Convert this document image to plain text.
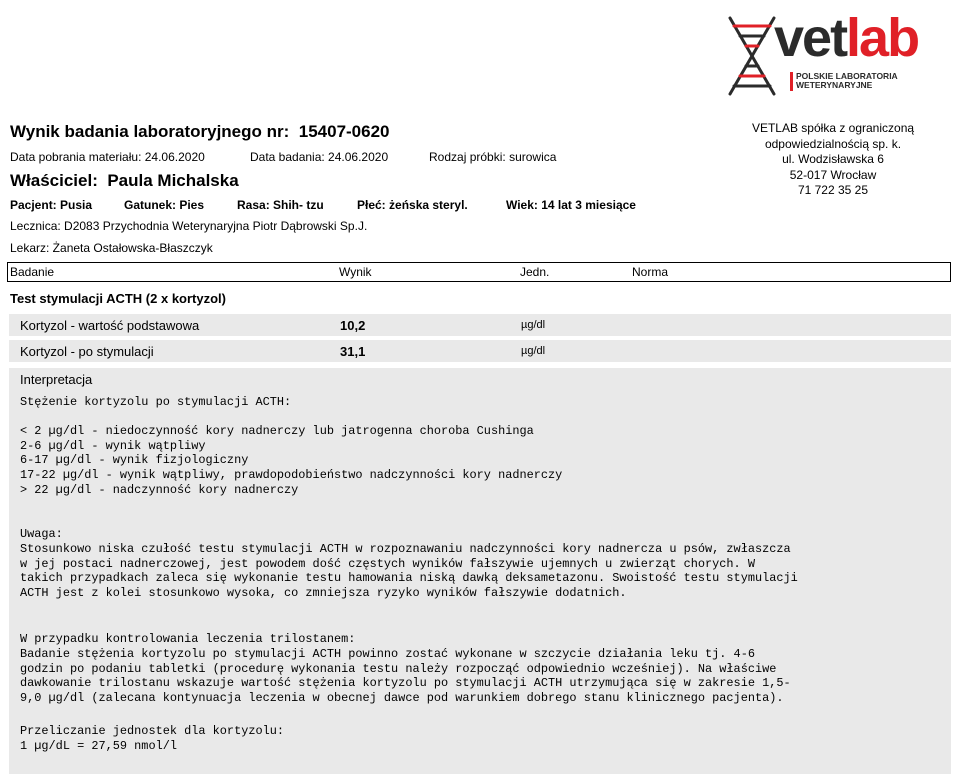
vetlab
POLSKIE LABORATORIA
WETERYNARYJNE
Wynik badania laboratoryjnego nr: 15407-0620
Data pobrania materiału: 24.06.2020	Data badania: 24.06.2020	Rodzaj próbki: surowica
Właściciel: Paula Michalska
Pacjent: Pusia	Gatunek: Pies	Rasa: Shih- tzu	Płeć: żeńska steryl.	Wiek: 14 lat 3 miesiące
Lecznica: D2083 Przychodnia Weterynaryjna Piotr Dąbrowski Sp.J.
Lekarz: Żaneta Ostałowska-Błaszczyk
VETLAB spółka z ograniczoną
odpowiedzialnością sp. k.
ul. Wodzisławska 6
52-017 Wrocław
71 722 35 25
Badanie	Wynik	Jedn.	Norma
Test stymulacji ACTH (2 x kortyzol)
Kortyzol - wartość podstawowa	10,2	µg/dl
Kortyzol - po stymulacji	31,1	µg/dl
Interpretacja
Stężenie kortyzolu po stymulacji ACTH:
< 2 µg/dl - niedoczynność kory nadnerczy lub jatrogenna choroba Cushinga
2-6 µg/dl - wynik wątpliwy
6-17 µg/dl - wynik fizjologiczny
17-22 µg/dl - wynik wątpliwy, prawdopodobieństwo nadczynności kory nadnerczy
> 22 µg/dl - nadczynność kory nadnerczy
Uwaga:
Stosunkowo niska czułość testu stymulacji ACTH w rozpoznawaniu nadczynności kory nadnercza u psów, zwłaszcza
w jej postaci nadnerczowej, jest powodem dość częstych wyników fałszywie ujemnych u zwierząt chorych. W
takich przypadkach zaleca się wykonanie testu hamowania niską dawką deksametazonu. Swoistość testu stymulacji
ACTH jest z kolei stosunkowo wysoka, co zmniejsza ryzyko wyników fałszywie dodatnich.
W przypadku kontrolowania leczenia trilostanem:
Badanie stężenia kortyzolu po stymulacji ACTH powinno zostać wykonane w szczycie działania leku tj. 4-6
godzin po podaniu tabletki (procedurę wykonania testu należy rozpocząć odpowiednio wcześniej). Na właściwe
dawkowanie trilostanu wskazuje wartość stężenia kortyzolu po stymulacji ACTH utrzymująca się w zakresie 1,5-
9,0 µg/dl (zalecana kontynuacja leczenia w obecnej dawce pod warunkiem dobrego stanu klinicznego pacjenta).
Przeliczanie jednostek dla kortyzolu:
1 µg/dL = 27,59 nmol/l
